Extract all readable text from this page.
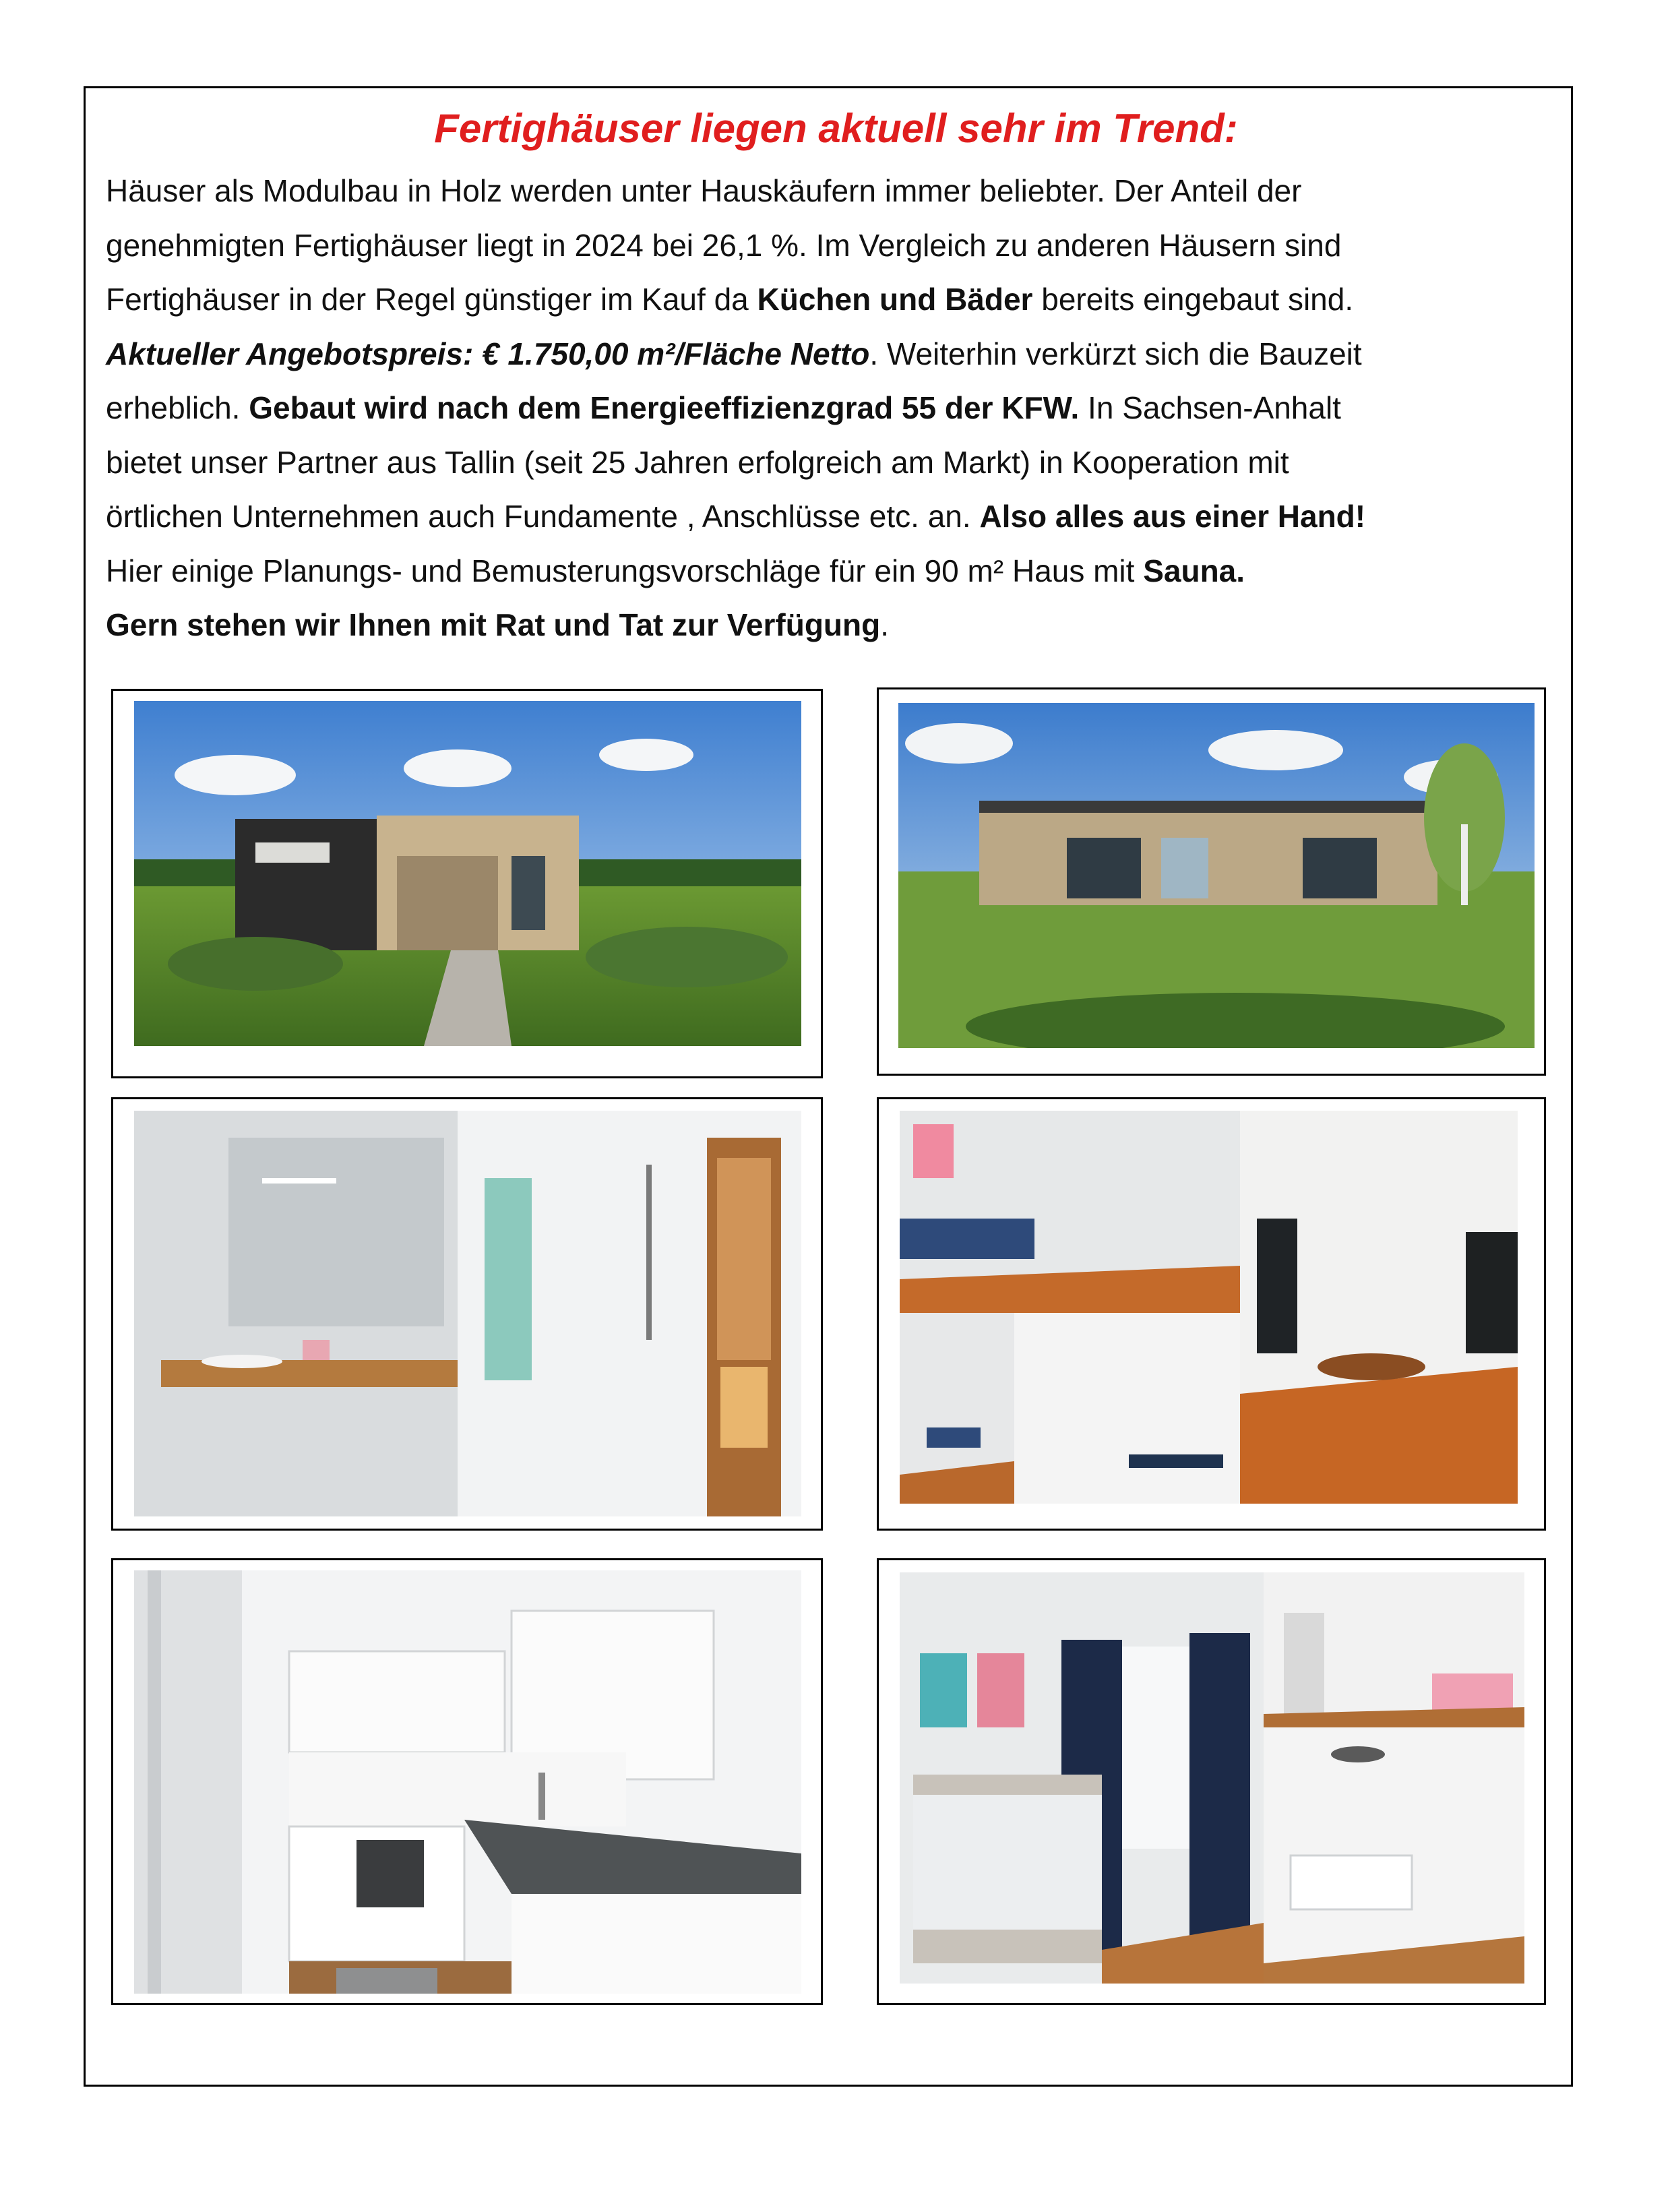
Fertighäuser liegen aktuell sehr im Trend:

Häuser als Modulbau in Holz werden unter Hauskäufern immer beliebter. Der Anteil der

genehmigten Fertighäuser liegt in 2024 bei 26,1 %. Im Vergleich zu anderen Häusern sind

Fertighäuser in der Regel günstiger im Kauf da Küchen und Bäder bereits eingebaut sind.

Aktueller Angebotspreis: € 1.750,00 m²/Fläche Netto. Weiterhin verkürzt sich die Bauzeit

erheblich. Gebaut wird nach dem Energieeffizienzgrad 55 der KFW. In Sachsen-Anhalt

bietet unser Partner aus Tallin (seit 25 Jahren erfolgreich am Markt) in Kooperation mit

örtlichen Unternehmen auch Fundamente , Anschlüsse etc. an. Also alles aus einer Hand!

Hier einige Planungs- und Bemusterungsvorschläge für ein 90 m² Haus mit Sauna.

Gern stehen wir Ihnen mit Rat und Tat zur Verfügung.
